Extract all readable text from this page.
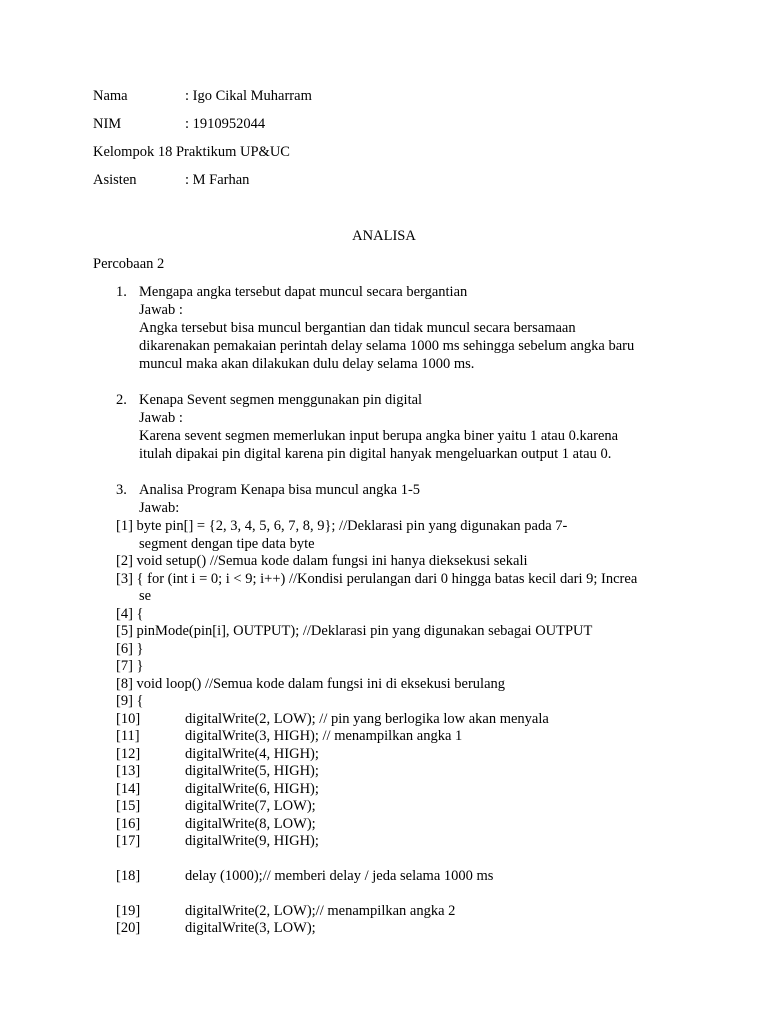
Nama	: Igo Cikal Muharram
NIM	: 1910952044
Kelompok 18 Praktikum UP&UC
Asisten	: M Farhan
ANALISA
Percobaan 2
1. Mengapa angka tersebut dapat muncul secara bergantian
Jawab :
Angka tersebut bisa muncul bergantian dan tidak muncul secara bersamaan
dikarenakan pemakaian perintah delay selama 1000 ms sehingga sebelum angka baru
muncul maka akan dilakukan dulu delay selama 1000 ms.
2. Kenapa Sevent segmen menggunakan pin digital
Jawab :
Karena sevent segmen memerlukan input berupa angka biner yaitu 1 atau 0.karena
itulah dipakai pin digital karena pin digital hanyak mengeluarkan output 1 atau 0.
3. Analisa Program Kenapa bisa muncul angka 1-5
Jawab:
[1] byte pin[] = {2, 3, 4, 5, 6, 7, 8, 9}; //Deklarasi pin yang digunakan pada 7-
segment dengan tipe data byte
[2] void setup() //Semua kode dalam fungsi ini hanya dieksekusi sekali
[3] { for (int i = 0; i < 9; i++) //Kondisi perulangan dari 0 hingga batas kecil dari 9; Increa
se
[4] {
[5] pinMode(pin[i], OUTPUT); //Deklarasi pin yang digunakan sebagai OUTPUT
[6] }
[7] }
[8] void loop() //Semua kode dalam fungsi ini di eksekusi berulang
[9] {
[10]	digitalWrite(2, LOW); // pin yang berlogika low akan menyala
[11]	digitalWrite(3, HIGH); // menampilkan angka 1
[12]	digitalWrite(4, HIGH);
[13]	digitalWrite(5, HIGH);
[14]	digitalWrite(6, HIGH);
[15]	digitalWrite(7, LOW);
[16]	digitalWrite(8, LOW);
[17]	digitalWrite(9, HIGH);
[18]	delay (1000);// memberi delay / jeda selama 1000 ms
[19]	digitalWrite(2, LOW);// menampilkan angka 2
[20]	digitalWrite(3, LOW);
